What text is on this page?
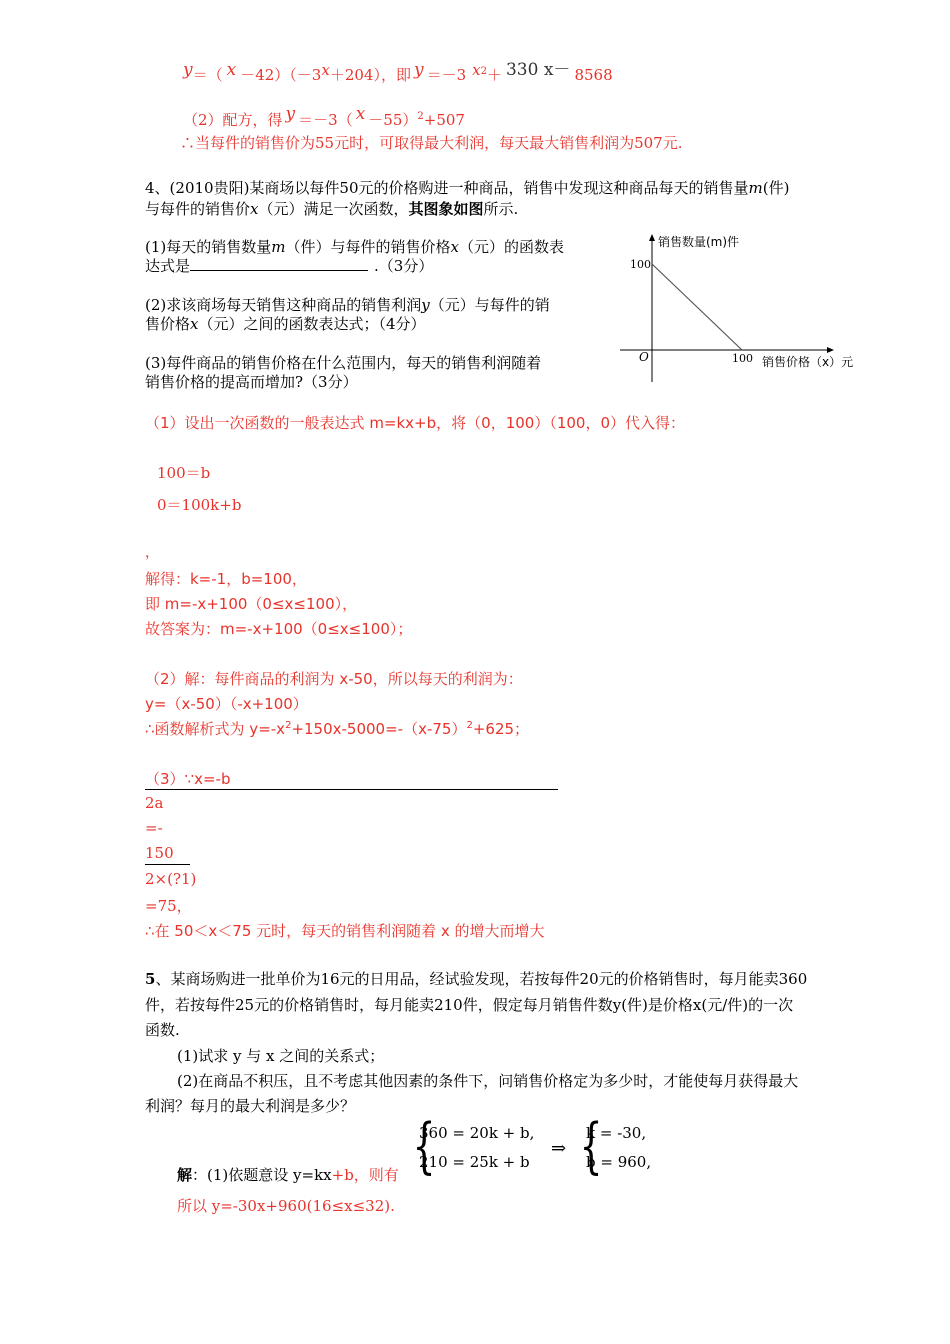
y＝（ x －42）（－3x＋204），即 y ＝－3 $x^2+ 330$ x－ 8568
（2）配方，得 y ＝－3（ x －55）$^2$+507
∴当每件的销售价为55元时，可取得最大利润，每天最大销售利润为507元.
4、(2010贵阳)某商场以每件50元的价格购进一种商品，销售中发现这种商品每天的销售量m(件)
与每件的销售价x（元）满足一次函数，其图象如图所示.
(1)每天的销售数量m（件）与每件的销售价格x（元）的函数表
达式是	.（3分）
(2)求该商场每天销售这种商品的销售利润y（元）与每件的销
售价格x（元）之间的函数表达式；（4分）
(3)每件商品的销售价格在什么范围内，每天的销售利润随着
销售价格的提高而增加?（3分）
销售数量(m)件
100
O	100 销售价格（x）元
（1）设出一次函数的一般表达式 m=kx+b，将（0，100）（100，0）代入得：
100＝b
0＝100k+b
，
解得：k=-1，b=100，
即 m=-x+100（0≤x≤100），
故答案为：m=-x+100（0≤x≤100）；
（2）解：每件商品的利润为 x-50，所以每天的利润为：
y=（x-50）（-x+100）
∴函数解析式为 $y=-x^2+150x-5000=-(x-75)^2+625$；
（3）∵x=-b
2a
=-
150
2×(?1)
=75，
∴在 50＜x＜75 元时，每天的销售利润随着 x 的增大而增大
5、某商场购进一批单价为16元的日用品，经试验发现，若按每件20元的价格销售时，每月能卖360
件，若按每件25元的价格销售时，每月能卖210件，假定每月销售件数y(件)是价格x(元/件)的一次
函数.
(1)试求 y 与 x 之间的关系式；
(2)在商品不积压，且不考虑其他因素的条件下，问销售价格定为多少时，才能使每月获得最大
利润？每月的最大利润是多少？
{
360 = 20k + b,
210 = 25k + b
⇒ {
k = -30,
b = 960,
解：(1)依题意设 y=kx+b，则有
所以 y=-30x+960(16≤x≤32).
